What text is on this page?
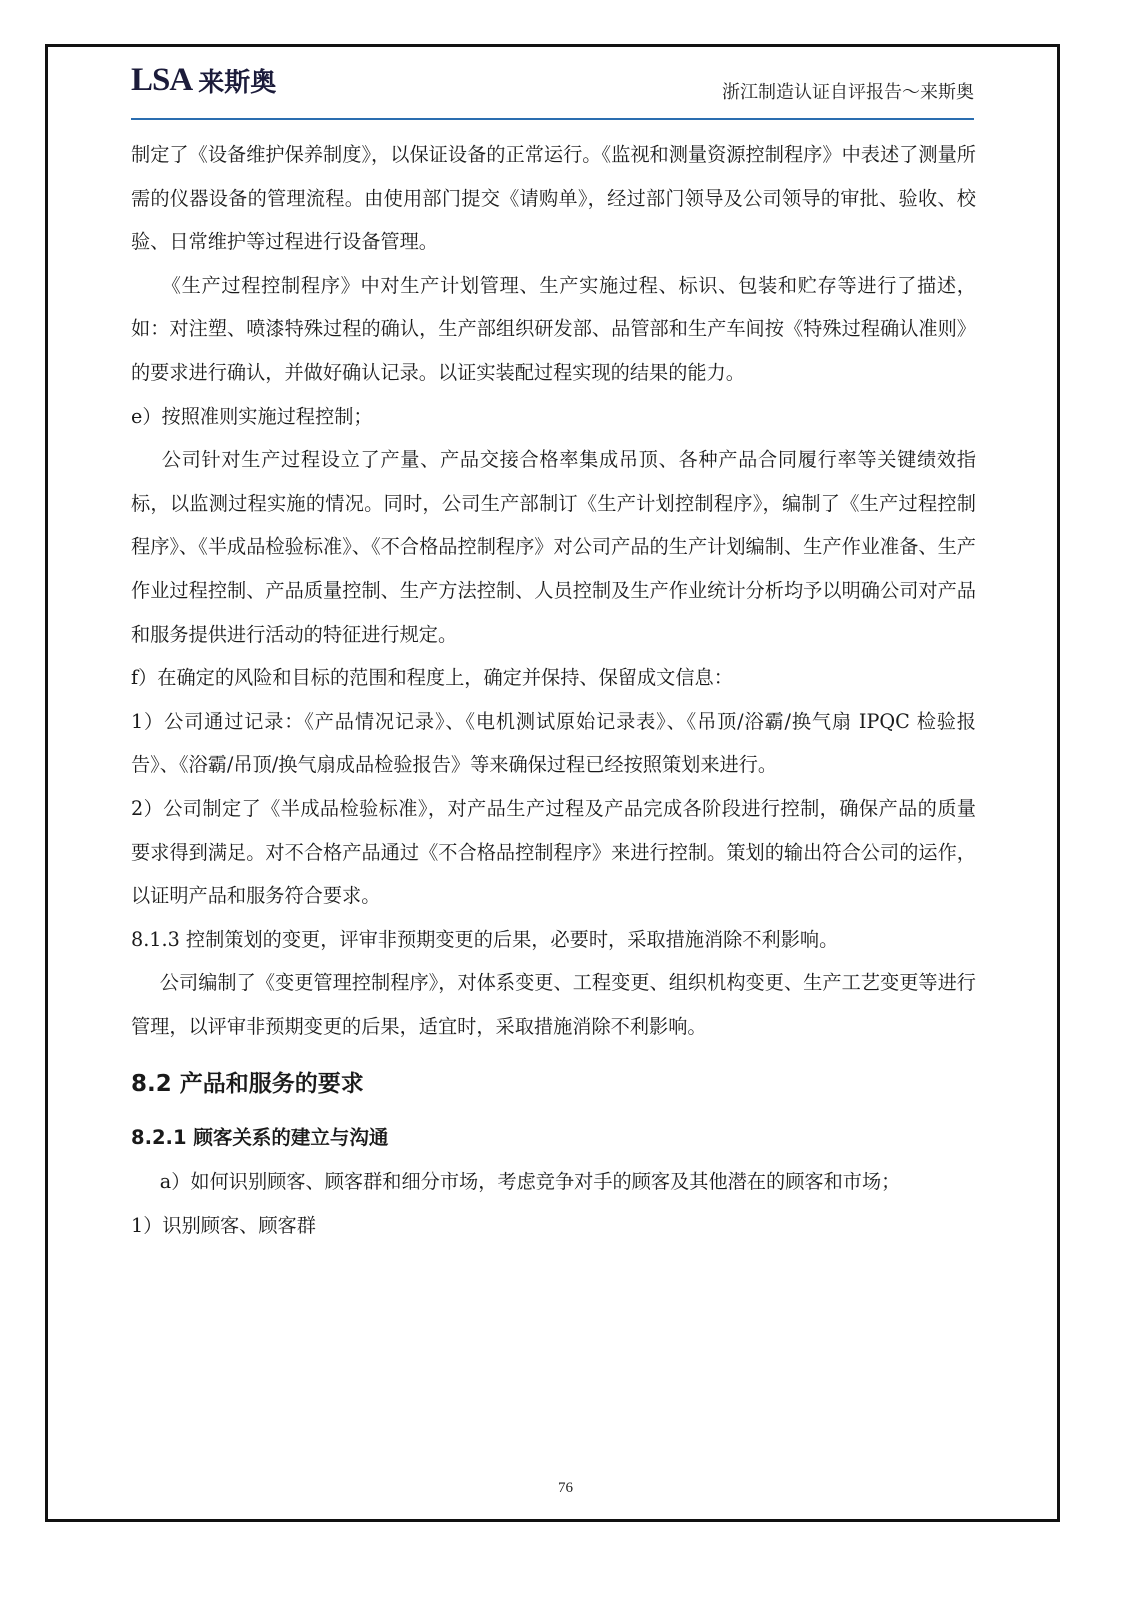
LSA 来斯奥	浙江制造认证自评报告～来斯奥

制定了《设备维护保养制度》，以保证设备的正常运行。《监视和测量资源控制程序》中表述了测量所需的仪器设备的管理流程。由使用部门提交《请购单》，经过部门领导及公司领导的审批、验收、校验、日常维护等过程进行设备管理。

《生产过程控制程序》中对生产计划管理、生产实施过程、标识、包装和贮存等进行了描述，如：对注塑、喷漆特殊过程的确认，生产部组织研发部、品管部和生产车间按《特殊过程确认准则》的要求进行确认，并做好确认记录。以证实装配过程实现的结果的能力。

e）按照准则实施过程控制；

公司针对生产过程设立了产量、产品交接合格率集成吊顶、各种产品合同履行率等关键绩效指标，以监测过程实施的情况。同时，公司生产部制订《生产计划控制程序》，编制了《生产过程控制程序》、《半成品检验标准》、《不合格品控制程序》对公司产品的生产计划编制、生产作业准备、生产作业过程控制、产品质量控制、生产方法控制、人员控制及生产作业统计分析均予以明确公司对产品和服务提供进行活动的特征进行规定。

f）在确定的风险和目标的范围和程度上，确定并保持、保留成文信息：

1）公司通过记录：《产品情况记录》、《电机测试原始记录表》、《吊顶/浴霸/换气扇 IPQC 检验报告》、《浴霸/吊顶/换气扇成品检验报告》等来确保过程已经按照策划来进行。

2）公司制定了《半成品检验标准》，对产品生产过程及产品完成各阶段进行控制，确保产品的质量要求得到满足。对不合格产品通过《不合格品控制程序》来进行控制。策划的输出符合公司的运作，以证明产品和服务符合要求。

8.1.3 控制策划的变更，评审非预期变更的后果，必要时，采取措施消除不利影响。

公司编制了《变更管理控制程序》，对体系变更、工程变更、组织机构变更、生产工艺变更等进行管理，以评审非预期变更的后果，适宜时，采取措施消除不利影响。

8.2 产品和服务的要求
8.2.1 顾客关系的建立与沟通

a）如何识别顾客、顾客群和细分市场，考虑竞争对手的顾客及其他潜在的顾客和市场；

1）识别顾客、顾客群

76
